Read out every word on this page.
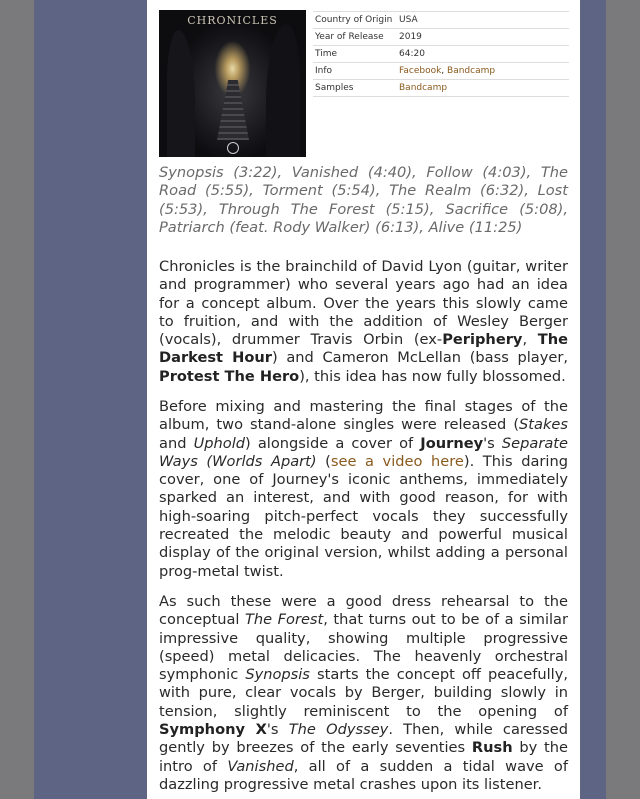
CHRONICLES	Country of Origin	USA
Year of Release	2019
Time	64:20
Info	Facebook, Bandcamp
Samples	Bandcamp
Synopsis (3:22), Vanished (4:40), Follow (4:03), The Road (5:55), Torment (5:54), The Realm (6:32), Lost (5:53), Through The Forest (5:15), Sacrifice (5:08), Patriarch (feat. Rody Walker) (6:13), Alive (11:25)
Chronicles is the brainchild of David Lyon (guitar, writer and programmer) who several years ago had an idea for a concept album. Over the years this slowly came to fruition, and with the addition of Wesley Berger (vocals), drummer Travis Orbin (ex-Periphery, The Darkest Hour) and Cameron McLellan (bass player, Protest The Hero), this idea has now fully blossomed.
Before mixing and mastering the final stages of the album, two stand-alone singles were released (Stakes and Uphold) alongside a cover of Journey's Separate Ways (Worlds Apart) (see a video here). This daring cover, one of Journey's iconic anthems, immediately sparked an interest, and with good reason, for with high-soaring pitch-perfect vocals they successfully recreated the melodic beauty and powerful musical display of the original version, whilst adding a personal prog-metal twist.
As such these were a good dress rehearsal to the conceptual The Forest, that turns out to be of a similar impressive quality, showing multiple progressive (speed) metal delicacies. The heavenly orchestral symphonic Synopsis starts the concept off peacefully, with pure, clear vocals by Berger, building slowly in tension, slightly reminiscent to the opening of Symphony X's The Odyssey. Then, while caressed gently by breezes of the early seventies Rush by the intro of Vanished, all of a sudden a tidal wave of dazzling progressive metal crashes upon its listener.
